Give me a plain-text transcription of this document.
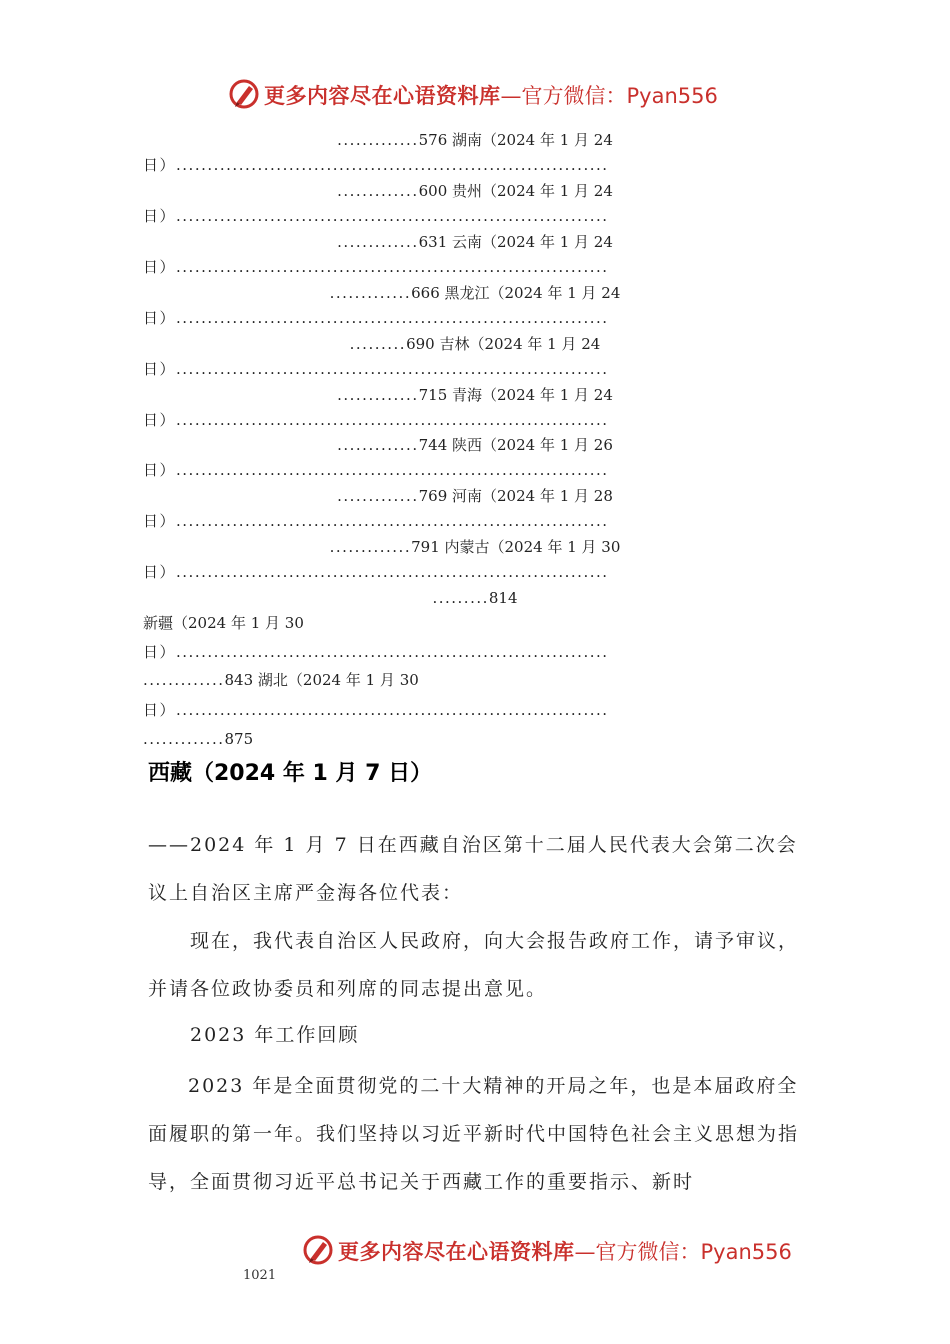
更多内容尽在心语资料库—官方微信：Pyan556
.............576 湖南（2024 年 1 月 24
日）.....................................................................
.............600 贵州（2024 年 1 月 24
日）.....................................................................
.............631 云南（2024 年 1 月 24
日）.....................................................................
.............666 黑龙江（2024 年 1 月 24
日）.....................................................................
.........690 吉林（2024 年 1 月 24
日）.....................................................................
.............715 青海（2024 年 1 月 24
日）.....................................................................
.............744 陕西（2024 年 1 月 26
日）.....................................................................
.............769 河南（2024 年 1 月 28
日）.....................................................................
.............791 内蒙古（2024 年 1 月 30
日）.....................................................................
.........814
新疆（2024 年 1 月 30
日）.....................................................................
.............843 湖北（2024 年 1 月 30
日）.....................................................................
.............875
西藏（2024 年 1 月 7 日）
——2024 年 1 月 7 日在西藏自治区第十二届人民代表大会第二次会议上自治区主席严金海各位代表：
现在，我代表自治区人民政府，向大会报告政府工作，请予审议，并请各位政协委员和列席的同志提出意见。
2023 年工作回顾
2023 年是全面贯彻党的二十大精神的开局之年，也是本届政府全面履职的第一年。我们坚持以习近平新时代中国特色社会主义思想为指导，全面贯彻习近平总书记关于西藏工作的重要指示、新时
更多内容尽在心语资料库—官方微信：Pyan556
1021
